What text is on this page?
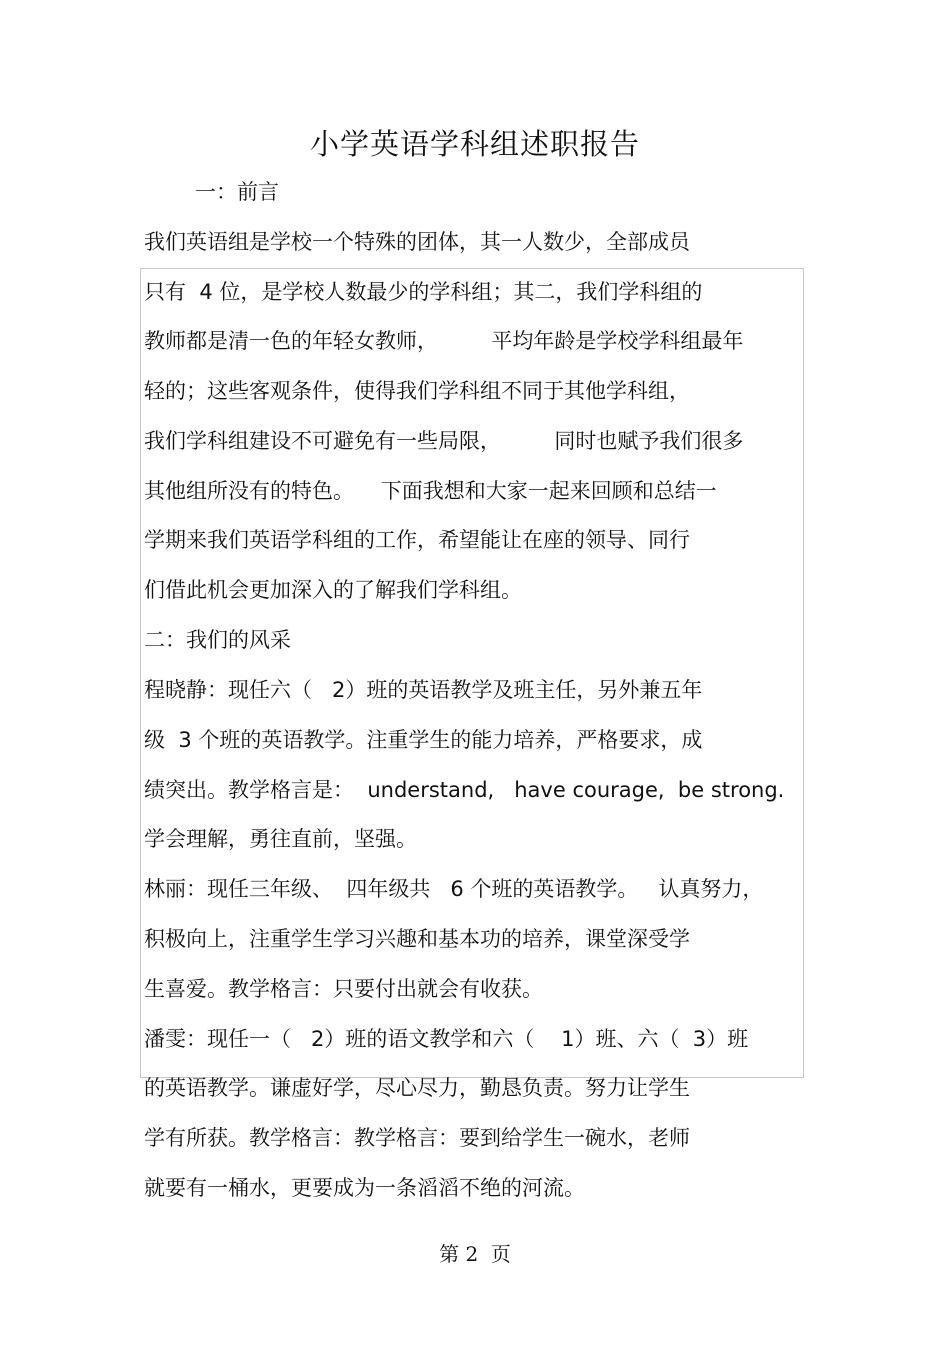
小学英语学科组述职报告
一：前言
我们英语组是学校一个特殊的团体，其一人数少，全部成员
只有  4 位，是学校人数最少的学科组；其二，我们学科组的
教师都是清一色的年轻女教师，        平均年龄是学校学科组最年
轻的；这些客观条件，使得我们学科组不同于其他学科组，
我们学科组建设不可避免有一些局限，        同时也赋予我们很多
其他组所没有的特色。    下面我想和大家一起来回顾和总结一
学期来我们英语学科组的工作，希望能让在座的领导、同行
们借此机会更加深入的了解我们学科组。
二：我们的风采
程晓静：现任六（   2）班的英语教学及班主任，另外兼五年
级  3 个班的英语教学。注重学生的能力培养，严格要求，成
绩突出。教学格言是：  understand,   have courage,  be strong.
学会理解，勇往直前，坚强。
林丽：现任三年级、  四年级共   6 个班的英语教学。   认真努力，
积极向上，注重学生学习兴趣和基本功的培养，课堂深受学
生喜爱。教学格言：只要付出就会有收获。
潘雯：现任一（   2）班的语文教学和六（    1）班、六（  3）班
的英语教学。谦虚好学，尽心尽力，勤恳负责。努力让学生
学有所获。教学格言：教学格言：要到给学生一碗水，老师
就要有一桶水，更要成为一条滔滔不绝的河流。
第 2  页
